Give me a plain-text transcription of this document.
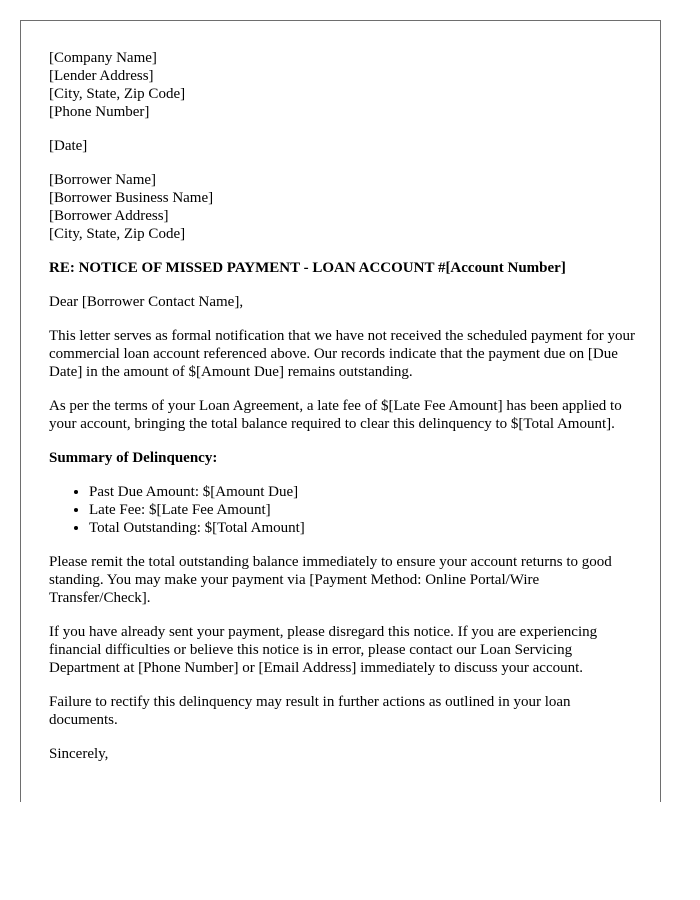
[Company Name]
[Lender Address]
[City, State, Zip Code]
[Phone Number]
[Date]
[Borrower Name]
[Borrower Business Name]
[Borrower Address]
[City, State, Zip Code]

RE: NOTICE OF MISSED PAYMENT - LOAN ACCOUNT #[Account Number]

Dear [Borrower Contact Name],

This letter serves as formal notification that we have not received the scheduled payment for your commercial loan account referenced above. Our records indicate that the payment due on [Due Date] in the amount of $[Amount Due] remains outstanding.

As per the terms of your Loan Agreement, a late fee of $[Late Fee Amount] has been applied to your account, bringing the total balance required to clear this delinquency to $[Total Amount].

Summary of Delinquency:

• Past Due Amount: $[Amount Due]
• Late Fee: $[Late Fee Amount]
• Total Outstanding: $[Total Amount]

Please remit the total outstanding balance immediately to ensure your account returns to good standing. You may make your payment via [Payment Method: Online Portal/Wire Transfer/Check].

If you have already sent your payment, please disregard this notice. If you are experiencing financial difficulties or believe this notice is in error, please contact our Loan Servicing Department at [Phone Number] or [Email Address] immediately to discuss your account.

Failure to rectify this delinquency may result in further actions as outlined in your loan documents.

Sincerely,
